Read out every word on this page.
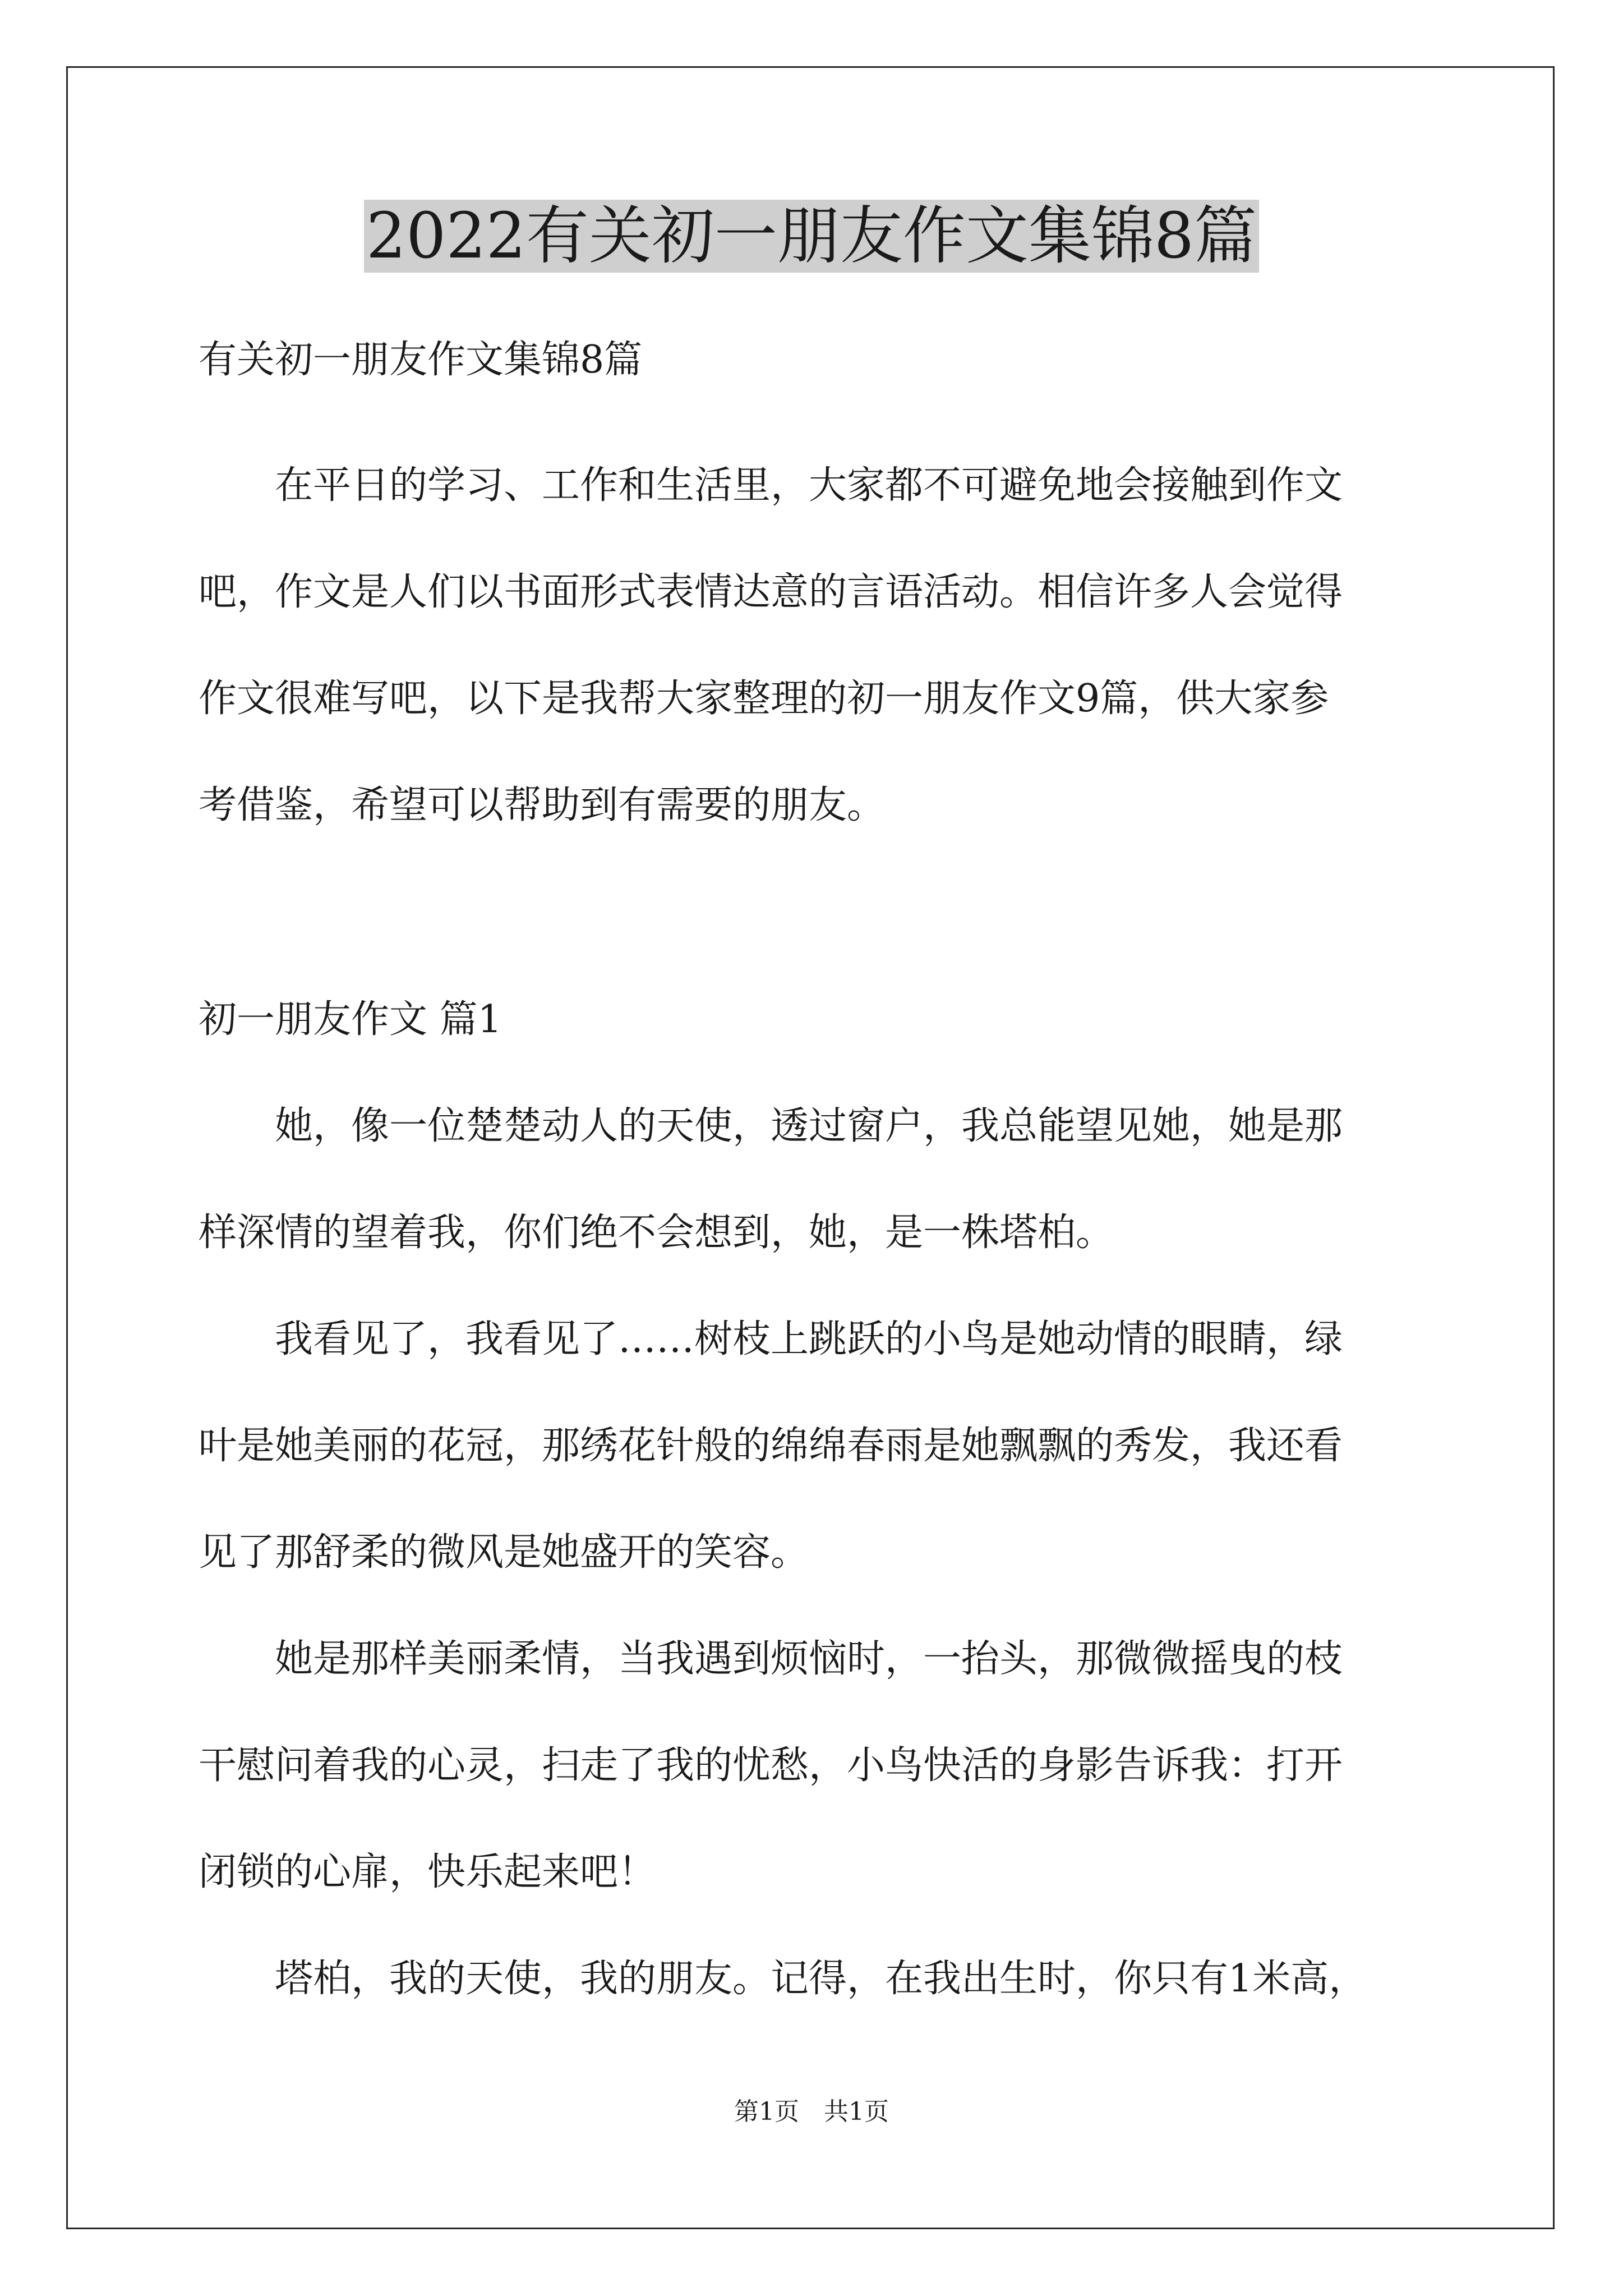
2022有关初一朋友作文集锦8篇
有关初一朋友作文集锦8篇
　　在平日的学习、工作和生活里，大家都不可避免地会接触到作文
吧，作文是人们以书面形式表情达意的言语活动。相信许多人会觉得
作文很难写吧，以下是我帮大家整理的初一朋友作文9篇，供大家参
考借鉴，希望可以帮助到有需要的朋友。
初一朋友作文 篇1
　　她，像一位楚楚动人的天使，透过窗户，我总能望见她，她是那
样深情的望着我，你们绝不会想到，她，是一株塔柏。
　　我看见了，我看见了……树枝上跳跃的小鸟是她动情的眼睛，绿
叶是她美丽的花冠，那绣花针般的绵绵春雨是她飘飘的秀发，我还看
见了那舒柔的微风是她盛开的笑容。
　　她是那样美丽柔情，当我遇到烦恼时，一抬头，那微微摇曳的枝
干慰问着我的心灵，扫走了我的忧愁，小鸟快活的身影告诉我：打开
闭锁的心扉，快乐起来吧！
　　塔柏，我的天使，我的朋友。记得，在我出生时，你只有1米高，
第1页　共1页
